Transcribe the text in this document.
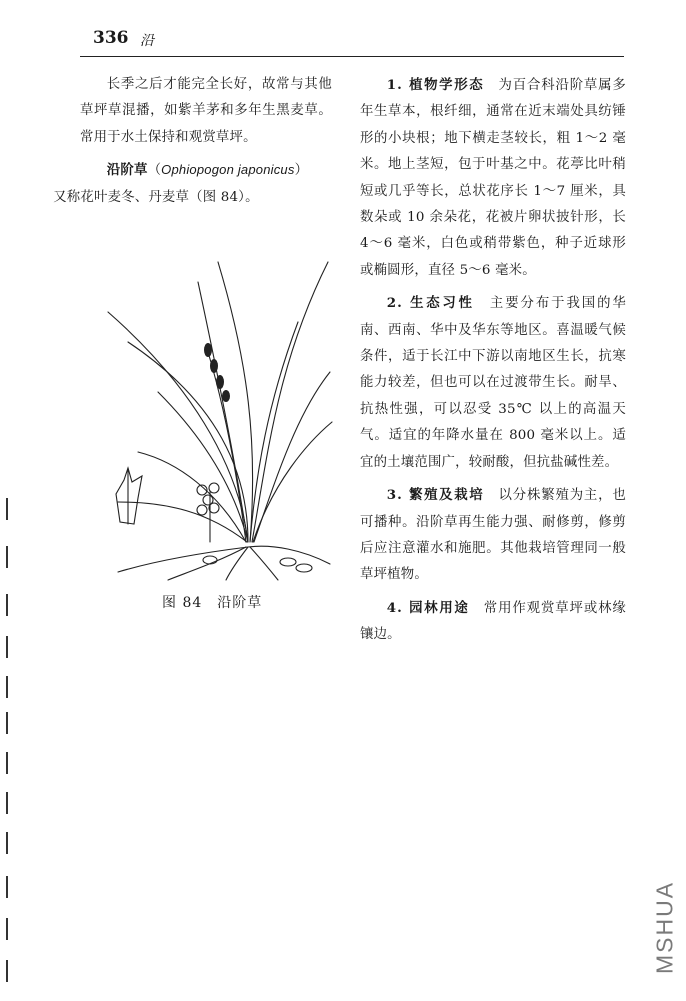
336 沿

长季之后才能完全长好，故常与其他草坪草混播，如紫羊茅和多年生黑麦草。常用于水土保持和观赏草坪。

沿阶草（Ophiopogon japonicus）
又称花叶麦冬、丹麦草（图 84）。

图 84　沿阶草

1. 植物学形态　 为百合科沿阶草属多年生草本，根纤细，通常在近末端处具纺锤形的小块根；地下横走茎较长，粗 1～2 毫米。地上茎短，包于叶基之中。花葶比叶稍短或几乎等长，总状花序长 1～7 厘米，具数朵或 10 余朵花，花被片卵状披针形，长 4～6 毫米，白色或稍带紫色，种子近球形或椭圆形，直径 5～6 毫米。

2. 生态习性　 主要分布于我国的华南、西南、华中及华东等地区。喜温暖气候条件，适于长江中下游以南地区生长，抗寒能力较差，但也可以在过渡带生长。耐旱、抗热性强，可以忍受 35℃ 以上的高温天气。适宜的年降水量在 800 毫米以上。适宜的土壤范围广，较耐酸，但抗盐碱性差。

3. 繁殖及栽培　 以分株繁殖为主，也可播种。沿阶草再生能力强、耐修剪，修剪后应注意灌水和施肥。其他栽培管理同一般草坪植物。

4. 园林用途　 常用作观赏草坪或林缘镶边。

MSHUA
